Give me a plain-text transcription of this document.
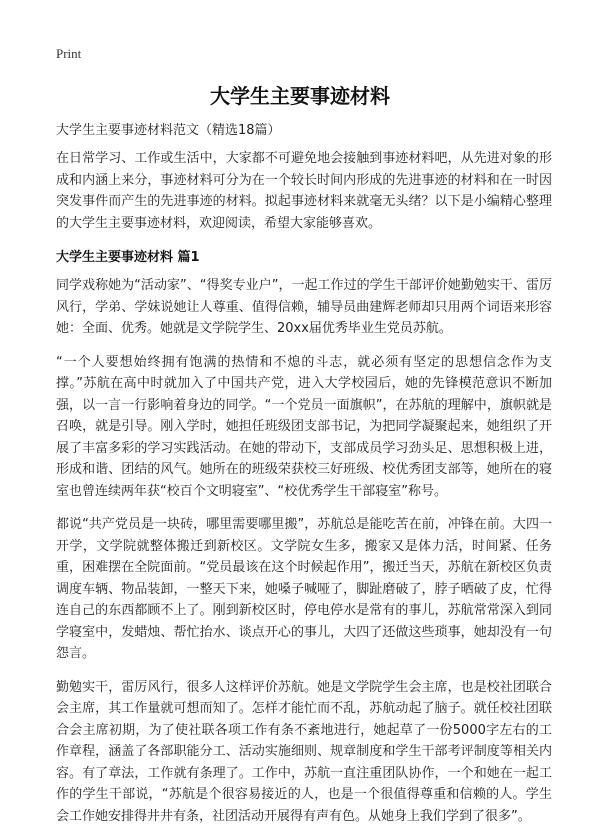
Print
大学生主要事迹材料
大学生主要事迹材料范文（精选18篇）

在日常学习、工作或生活中，大家都不可避免地会接触到事迹材料吧，从先进对象的形成和内涵上来分，事迹材料可分为在一个较长时间内形成的先进事迹的材料和在一时因突发事件而产生的先进事迹的材料。拟起事迹材料来就毫无头绪？以下是小编精心整理的大学生主要事迹材料，欢迎阅读，希望大家能够喜欢。

大学生主要事迹材料 篇1

同学戏称她为“活动家”、“得奖专业户”，一起工作过的学生干部评价她勤勉实干、雷厉风行，学弟、学妹说她让人尊重、值得信赖，辅导员曲建辉老师却只用两个词语来形容她：全面、优秀。她就是文学院学生、20xx届优秀毕业生党员苏航。

“一个人要想始终拥有饱满的热情和不熄的斗志，就必须有坚定的思想信念作为支撑。”苏航在高中时就加入了中国共产党，进入大学校园后，她的先锋模范意识不断加强，以一言一行影响着身边的同学。“一个党员一面旗帜”，在苏航的理解中，旗帜就是召唤，就是引导。刚入学时，她担任班级团支部书记，为把同学凝聚起来，她组织了开展了丰富多彩的学习实践活动。在她的带动下，支部成员学习劲头足、思想积极上进，形成和谐、团结的风气。她所在的班级荣获校三好班级、校优秀团支部等，她所在的寝室也曾连续两年获“校百个文明寝室”、“校优秀学生干部寝室”称号。

都说“共产党员是一块砖，哪里需要哪里搬”，苏航总是能吃苦在前，冲锋在前。大四一开学，文学院就整体搬迁到新校区。文学院女生多，搬家又是体力活，时间紧、任务重，困难摆在全院面前。“党员最该在这个时候起作用”，搬迁当天，苏航在新校区负责调度车辆、物品装卸，一整天下来，她嗓子喊哑了，脚趾磨破了，脖子晒破了皮，忙得连自己的东西都顾不上了。刚到新校区时，停电停水是常有的事儿，苏航常常深入到同学寝室中，发蜡烛、帮忙抬水、谈点开心的事儿，大四了还做这些琐事，她却没有一句怨言。

勤勉实干，雷厉风行，很多人这样评价苏航。她是文学院学生会主席，也是校社团联合会主席，其工作量就可想而知了。怎样才能忙而不乱，苏航动起了脑子。就任校社团联合会主席初期，为了使社联各项工作有条不紊地进行，她起草了一份5000字左右的工作章程，涵盖了各部职能分工、活动实施细则、规章制度和学生干部考评制度等相关内容。有了章法，工作就有条理了。工作中，苏航一直注重团队协作，一个和她在一起工作的学生干部说，“苏航是个很容易接近的人，也是一个很值得尊重和信赖的人。学生会工作她安排得井井有条，社团活动开展得有声有色。从她身上我们学到了很多”。
